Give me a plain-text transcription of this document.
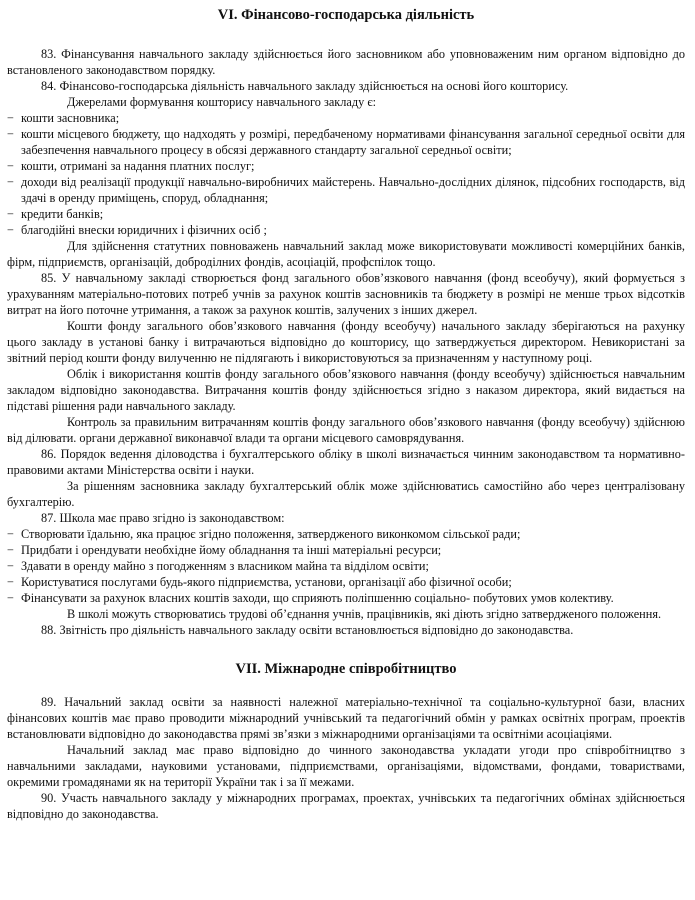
VI. Фінансово-господарська діяльність

83. Фінансування навчального закладу здійснюється його засновником або уповноваженим ним органом відповідно до встановленого законодавством порядку.

84. Фінансово-господарська діяльність навчального закладу здійснюється на основі його кошторису.

Джерелами формування кошторису навчального закладу є:

− кошти засновника;

− кошти місцевого бюджету, що надходять у розмірі, передбаченому нормативами фінансування загальної середньої освіти для забезпечення навчального процесу в обсязі державного стандарту загальної середньої освіти;

− кошти, отримані за надання платних послуг;

− доходи від реалізації продукції навчально-виробничих майстерень. Навчально-дослідних ділянок, підсобних господарств, від здачі в оренду приміщень, споруд, обладнання;

− кредити банків;

− благодійні внески юридичних і фізичних осіб ;

Для здійснення статутних повноважень навчальний заклад може використовувати можливості комерційних банків, фірм, підприємств, організацій, доброділних фондів, асоціацій, профспілок тощо.

85. У навчальному закладі створюється фонд загального обов’язкового навчання (фонд всеобучу), який формується з урахуванням матеріально-потових потреб учнів за рахунок коштів засновників та бюджету в розмірі не менше трьох відсотків витрат на його поточне утримання, а також за рахунок коштів, залучених з інших джерел.

Кошти фонду загального обов’язкового навчання (фонду всеобучу) начального закладу зберігаються на рахунку цього закладу в установі банку і витрачаються відповідно до кошторису, що затверджується директором. Невикористані за звітний період кошти фонду вилученню не підлягають і використовуються за призначенням у наступному році.

Облік і використання коштів фонду загального обов’язкового навчання (фонду всеобучу) здійснюється навчальним закладом відповідно законодавства. Витрачання коштів фонду здійснюється згідно з наказом директора, який видається на підставі рішення ради навчального закладу.

Контроль за правильним витрачанням коштів фонду загального обов’язкового навчання (фонду всеобучу) здійснюю від ділювати. органи державної виконавчої влади та органи місцевого самоврядування.

86. Порядок ведення діловодства і бухгалтерського обліку в школі визначається чинним законодавством та нормативно-правовими актами Міністерства освіти і науки.

За рішенням засновника закладу бухгалтерський облік може здійснюватись самостійно або через централізовану бухгалтерію.

87. Школа має право згідно із законодавством:

− Створювати їдальню, яка працює згідно положення, затвердженого виконкомом сільської ради;

− Придбати і орендувати необхідне йому обладнання та інші матеріальні ресурси;

− Здавати в оренду майно з погодженням з власником майна та відділом освіти;

− Користуватися послугами будь-якого підприємства, установи, організації або фізичної особи;

− Фінансувати за рахунок власних коштів заходи, що сприяють поліпшенню соціально- побутових умов колективу.

В школі можуть створюватись трудові об’єднання учнів, працівників, які діють згідно затвердженого положення.

88. Звітність про діяльність навчального закладу освіти встановлюється відповідно до законодавства.

VII. Міжнародне співробітництво

89. Начальний заклад освіти за наявності належної матеріально-технічної та соціально-культурної бази, власних фінансових коштів має право проводити міжнародний учнівський та педагогічний обмін у рамках освітніх програм, проектів встановлювати відповідно до законодавства прямі зв’язки з міжнародними організаціями та освітніми асоціаціями.

Начальний заклад має право відповідно до чинного законодавства укладати угоди про співробітництво з навчальними закладами, науковими установами, підприємствами, організаціями, відомствами, фондами, товариствами, окремими громадянами як на території України так і за її межами.

90. Участь навчального закладу у міжнародних програмах, проектах, учнівських та педагогічних обмінах здійснюється відповідно до законодавства.
